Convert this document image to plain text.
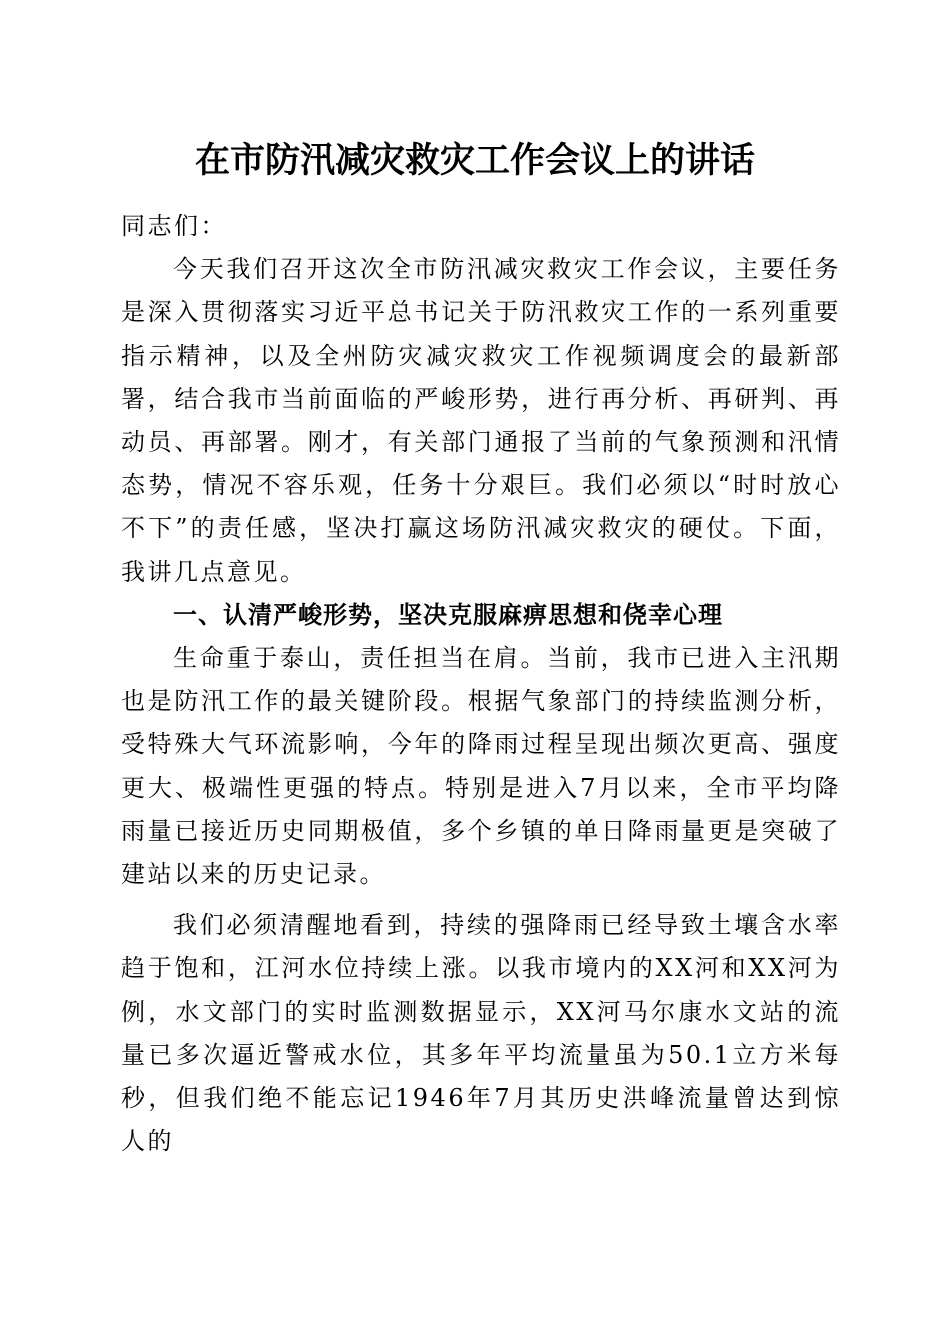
在市防汛减灾救灾工作会议上的讲话

同志们：

今天我们召开这次全市防汛减灾救灾工作会议，主要任务是深入贯彻落实习近平总书记关于防汛救灾工作的一系列重要指示精神，以及全州防灾减灾救灾工作视频调度会的最新部署，结合我市当前面临的严峻形势，进行再分析、再研判、再动员、再部署。刚才，有关部门通报了当前的气象预测和汛情态势，情况不容乐观，任务十分艰巨。我们必须以“时时放心不下”的责任感，坚决打赢这场防汛减灾救灾的硬仗。下面，我讲几点意见。

一、认清严峻形势，坚决克服麻痹思想和侥幸心理

生命重于泰山，责任担当在肩。当前，我市已进入主汛期也是防汛工作的最关键阶段。根据气象部门的持续监测分析，受特殊大气环流影响，今年的降雨过程呈现出频次更高、强度更大、极端性更强的特点。特别是进入7月以来，全市平均降雨量已接近历史同期极值，多个乡镇的单日降雨量更是突破了建站以来的历史记录。

我们必须清醒地看到，持续的强降雨已经导致土壤含水率趋于饱和，江河水位持续上涨。以我市境内的XX河和XX河为例，水文部门的实时监测数据显示，XX河马尔康水文站的流量已多次逼近警戒水位，其多年平均流量虽为50.1立方米每秒，但我们绝不能忘记1946年7月其历史洪峰流量曾达到惊人的
